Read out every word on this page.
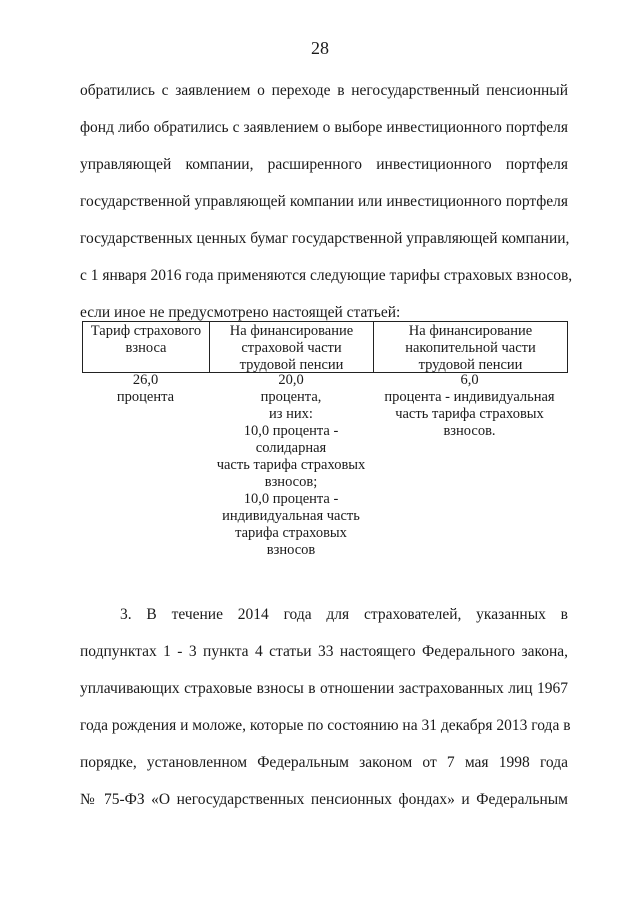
28
обратились с заявлением о переходе в негосударственный пенсионный
фонд либо обратились с заявлением о выборе инвестиционного портфеля
управляющей компании, расширенного инвестиционного портфеля
государственной управляющей компании или инвестиционного портфеля
государственных ценных бумаг государственной управляющей компании,
с 1 января 2016 года применяются следующие тарифы страховых взносов,
если иное не предусмотрено настоящей статьей:
Тариф страхового
взноса
На финансирование
страховой части
трудовой пенсии
На финансирование
накопительной части
трудовой пенсии
26,0
процента
20,0
процента,
из них:
10,0 процента -
солидарная
часть тарифа страховых
взносов;
10,0 процента -
индивидуальная часть
тарифа страховых
взносов
6,0
процента - индивидуальная
часть тарифа страховых
взносов.
3. В течение 2014 года для страхователей, указанных в
подпунктах 1 - 3 пункта 4 статьи 33 настоящего Федерального закона,
уплачивающих страховые взносы в отношении застрахованных лиц 1967
года рождения и моложе, которые по состоянию на 31 декабря 2013 года в
порядке, установленном Федеральным законом от 7 мая 1998 года
№ 75-ФЗ «О негосударственных пенсионных фондах» и Федеральным
